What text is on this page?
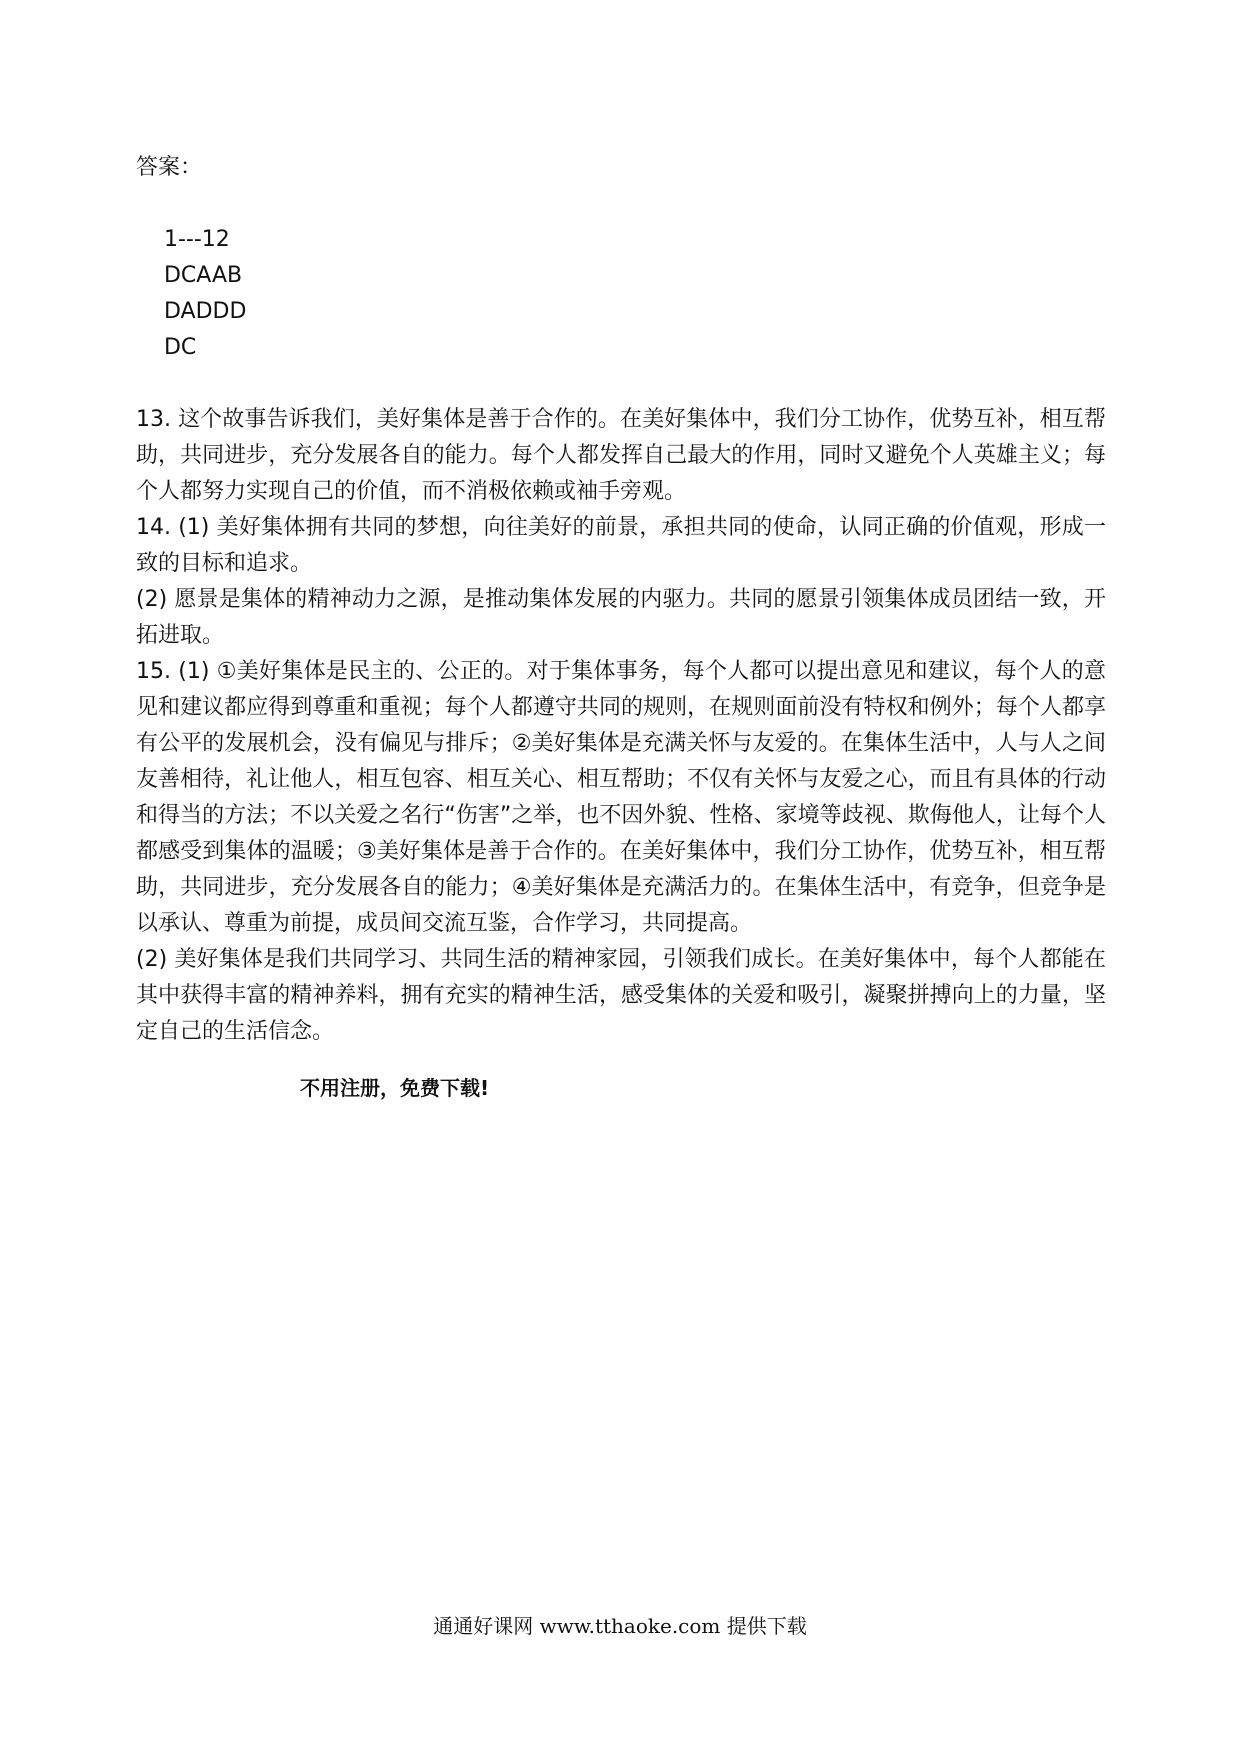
答案：

1---12
DCAAB
DADDD
DC

13. 这个故事告诉我们，美好集体是善于合作的。在美好集体中，我们分工协作，优势互补，相互帮助，共同进步，充分发展各自的能力。每个人都发挥自己最大的作用，同时又避免个人英雄主义；每个人都努力实现自己的价值，而不消极依赖或袖手旁观。
14. (1) 美好集体拥有共同的梦想，向往美好的前景，承担共同的使命，认同正确的价值观，形成一致的目标和追求。
(2) 愿景是集体的精神动力之源，是推动集体发展的内驱力。共同的愿景引领集体成员团结一致，开拓进取。
15. (1) ①美好集体是民主的、公正的。对于集体事务，每个人都可以提出意见和建议，每个人的意见和建议都应得到尊重和重视；每个人都遵守共同的规则，在规则面前没有特权和例外；每个人都享有公平的发展机会，没有偏见与排斥；②美好集体是充满关怀与友爱的。在集体生活中，人与人之间友善相待，礼让他人，相互包容、相互关心、相互帮助；不仅有关怀与友爱之心，而且有具体的行动和得当的方法；不以关爱之名行“伤害”之举，也不因外貌、性格、家境等歧视、欺侮他人，让每个人都感受到集体的温暖；③美好集体是善于合作的。在美好集体中，我们分工协作，优势互补，相互帮助，共同进步，充分发展各自的能力；④美好集体是充满活力的。在集体生活中，有竞争，但竞争是以承认、尊重为前提，成员间交流互鉴，合作学习，共同提高。
(2) 美好集体是我们共同学习、共同生活的精神家园，引领我们成长。在美好集体中，每个人都能在其中获得丰富的精神养料，拥有充实的精神生活，感受集体的关爱和吸引，凝聚拼搏向上的力量，坚定自己的生活信念。
不用注册，免费下载!
通通好课网 www.tthaoke.com 提供下载
